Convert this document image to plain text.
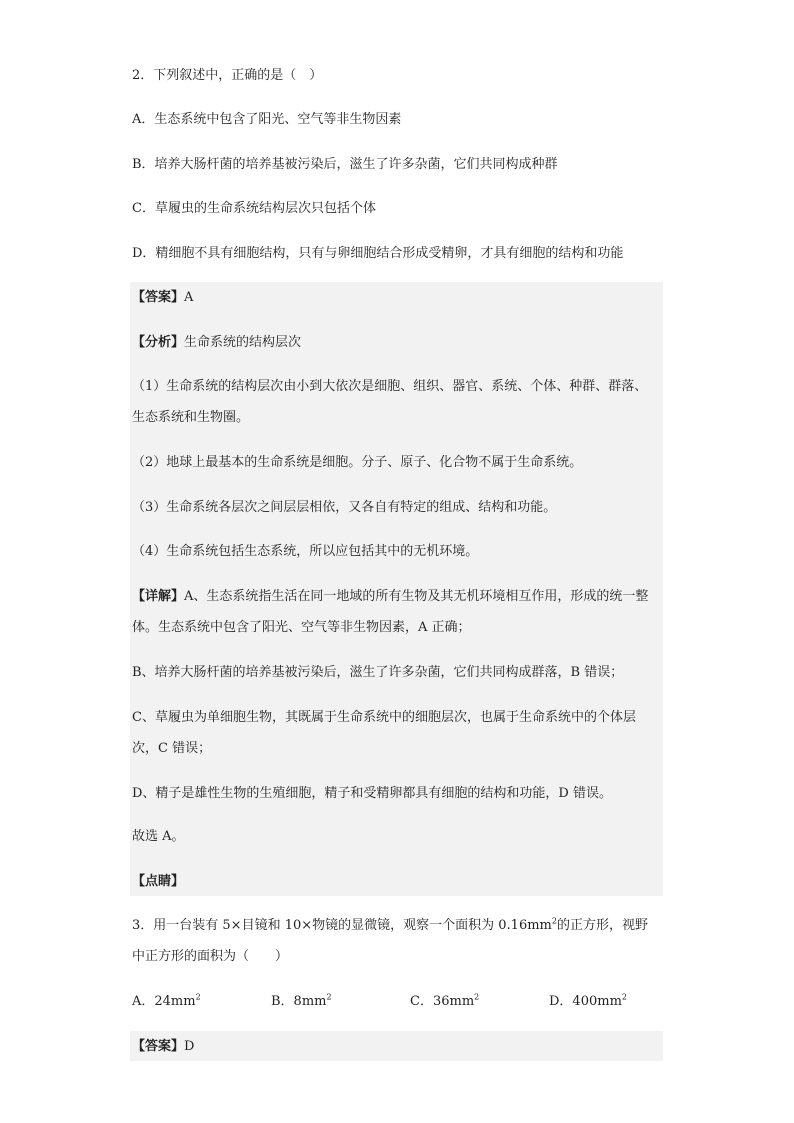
2．下列叙述中，正确的是（　）
A．生态系统中包含了阳光、空气等非生物因素
B．培养大肠杆菌的培养基被污染后，滋生了许多杂菌，它们共同构成种群
C．草履虫的生命系统结构层次只包括个体
D．精细胞不具有细胞结构，只有与卵细胞结合形成受精卵，才具有细胞的结构和功能
【答案】A
【分析】生命系统的结构层次
（1）生命系统的结构层次由小到大依次是细胞、组织、器官、系统、个体、种群、群落、生态系统和生物圈。
（2）地球上最基本的生命系统是细胞。分子、原子、化合物不属于生命系统。
（3）生命系统各层次之间层层相依，又各自有特定的组成、结构和功能。
（4）生命系统包括生态系统，所以应包括其中的无机环境。
【详解】A、生态系统指生活在同一地域的所有生物及其无机环境相互作用，形成的统一整体。生态系统中包含了阳光、空气等非生物因素，A 正确；
B、培养大肠杆菌的培养基被污染后，滋生了许多杂菌，它们共同构成群落，B 错误；
C、草履虫为单细胞生物，其既属于生命系统中的细胞层次，也属于生命系统中的个体层次，C 错误；
D、精子是雄性生物的生殖细胞，精子和受精卵都具有细胞的结构和功能，D 错误。
故选 A。
【点睛】
3．用一台装有 5×目镜和 10×物镜的显微镜，观察一个面积为 $0.16mm^2$的正方形，视野
中正方形的面积为（　　）
A．$24mm^2$	B．$8mm^2$	C．$36mm^2$	D．$400mm^2$
【答案】D
